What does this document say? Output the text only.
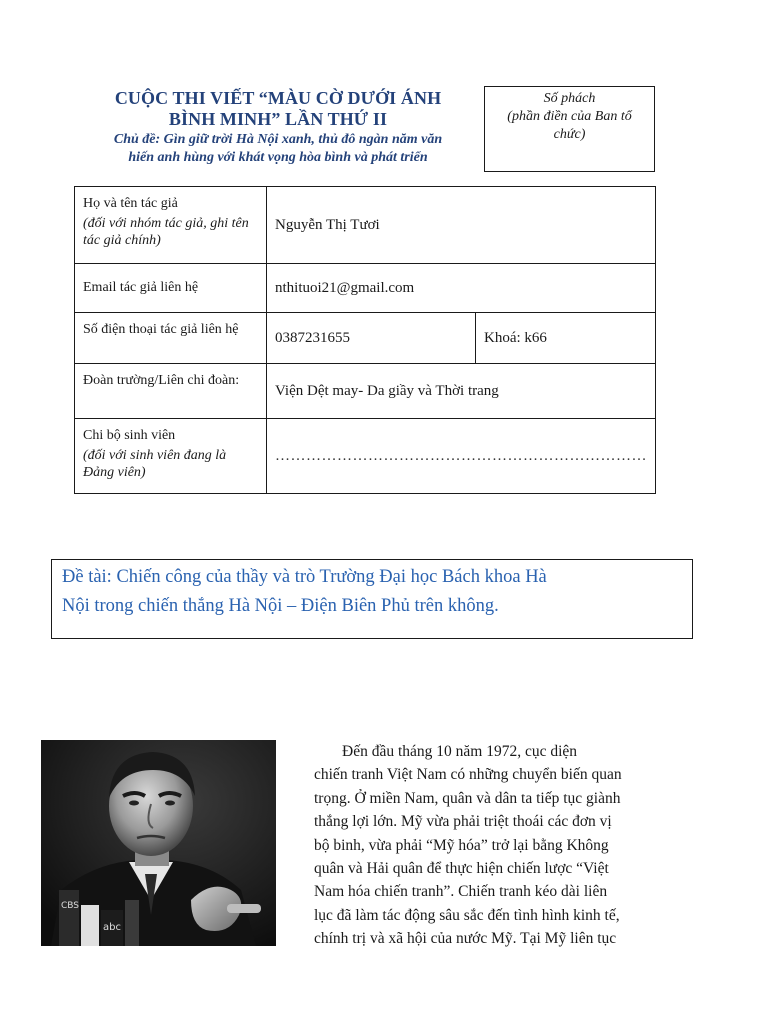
CUỘC THI VIẾT “MÀU CỜ DƯỚI ÁNH
BÌNH MINH” LẦN THỨ II
Chủ đề: Gìn giữ trời Hà Nội xanh, thủ đô ngàn năm văn
hiến anh hùng với khát vọng hòa bình và phát triển
Số phách
(phần điền của Ban tổ
chức)
Họ và tên tác giả
(đối với nhóm tác giả, ghi tên tác giả chính)	Nguyễn Thị Tươi	
Email tác giả liên hệ	nthituoi21@gmail.com	

Số điện thoại tác giả liên hệ	0387231655	Khoá: k66

Đoàn trường/Liên chi đoàn:	Viện Dệt may- Da giầy và Thời trang	

Chi bộ sinh viên
(đối với sinh viên đang là Đảng viên)	………………………………………………………………	
Đề tài: Chiến công của thầy và trò Trường Đại học Bách khoa Hà
Nội trong chiến thắng Hà Nội – Điện Biên Phủ trên không.
CBS
abc
Đến đầu tháng 10 năm 1972, cục diện
chiến tranh Việt Nam có những chuyển biến quan
trọng. Ở miền Nam, quân và dân ta tiếp tục giành
thắng lợi lớn. Mỹ vừa phải triệt thoái các đơn vị
bộ binh, vừa phải “Mỹ hóa” trở lại bằng Không
quân và Hải quân để thực hiện chiến lược “Việt
Nam hóa chiến tranh”. Chiến tranh kéo dài liên
lục đã làm tác động sâu sắc đến tình hình kinh tế,
chính trị và xã hội của nước Mỹ. Tại Mỹ liên tục
